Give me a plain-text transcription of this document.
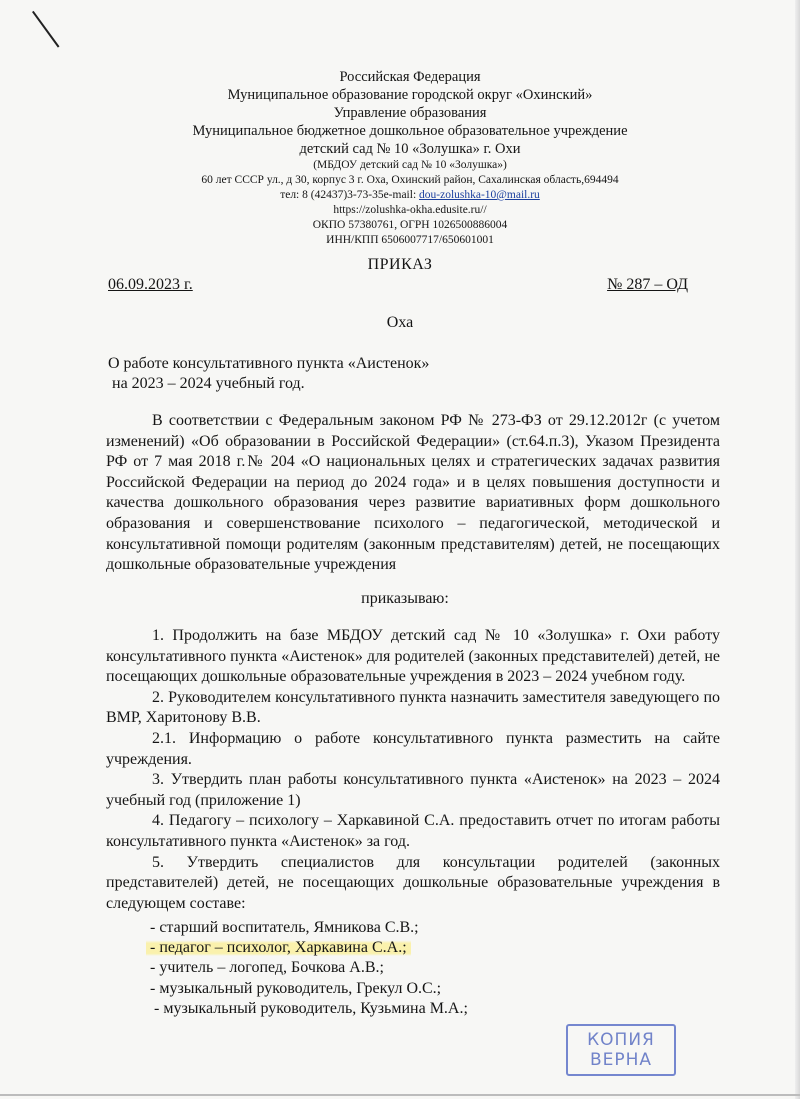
Российская Федерация
Муниципальное образование городской округ «Охинский»
Управление образования
Муниципальное бюджетное дошкольное образовательное учреждение
детский сад № 10 «Золушка» г. Охи
(МБДОУ детский сад № 10 «Золушка»)
60 лет СССР ул., д 30, корпус 3 г. Оха, Охинский район, Сахалинская область,694494
тел: 8 (42437)3-73-35e-mail: dou-zolushka-10@mail.ru
https://zolushka-okha.edusite.ru//
ОКПО 57380761, ОГРН 1026500886004
ИНН/КПП 6506007717/650601001
ПРИКАЗ
06.09.2023 г.	№ 287 – ОД
Оха
О работе консультативного пункта «Аистенок»
на 2023 – 2024 учебный год.
В соответствии с Федеральным законом РФ № 273-ФЗ от 29.12.2012г (с учетом изменений) «Об образовании в Российской Федерации» (ст.64.п.3), Указом Президента РФ от 7 мая 2018 г.№ 204 «О национальных целях и стратегических задачах развития Российской Федерации на период до 2024 года» и в целях повышения доступности и качества дошкольного образования через развитие вариативных форм дошкольного образования и совершенствование психолого – педагогической, методической и консультативной помощи родителям (законным представителям) детей, не посещающих дошкольные образовательные учреждения
приказываю:

1. Продолжить на базе МБДОУ детский сад № 10 «Золушка» г. Охи работу консультативного пункта «Аистенок» для родителей (законных представителей) детей, не посещающих дошкольные образовательные учреждения в 2023 – 2024 учебном году.

2. Руководителем консультативного пункта назначить заместителя заведующего по ВМР, Харитонову В.В.

2.1. Информацию о работе консультативного пункта разместить на сайте учреждения.

3. Утвердить план работы консультативного пункта «Аистенок» на 2023 – 2024 учебный год (приложение 1)

4. Педагогу – психологу – Харкавиной С.А. предоставить отчет по итогам работы консультативного пункта «Аистенок» за год.

5. Утвердить специалистов для консультации родителей (законных представителей) детей, не посещающих дошкольные образовательные учреждения в следующем составе:

- старший воспитатель, Ямникова С.В.;
- педагог – психолог, Харкавина С.А.;
- учитель – логопед, Бочкова А.В.;
- музыкальный руководитель, Грекул О.С.;
- музыкальный руководитель, Кузьмина М.А.;
КОПИЯ
ВЕРНА
